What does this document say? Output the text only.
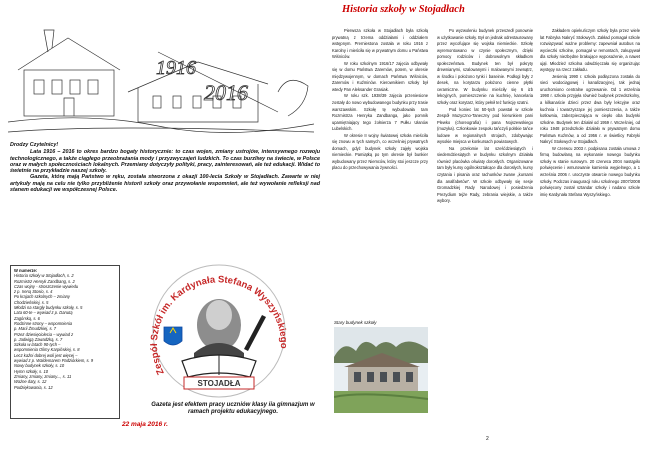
1916
2016

Drodzy Czytelnicy!

Lata 1916 – 2016 to okres bardzo bogaty historycznie: to czas wojen, zmiany ustrojów, intensywnego rozwoju technologicznego, a także ciągłego przeobrażania mody i przyzwyczajeń ludzkich. To czas burzliwy na świecie, w Polsce oraz w małych społecznościach lokalnych. Przemiany dotyczyły polityki, pracy, zainteresowań, ale też edukacji. Widać to świetnie na przykładzie naszej szkoły.

Gazeta, którą mają Państwo w ręku, została stworzona z okazji 100-lecia Szkoły w Stojadłach. Zawarte w niej artykuły mają na celu nie tylko przybliżenie historii szkoły oraz przywołanie wspomnień, ale też wywołanie refleksji nad stanem edukacji we współczesnej Polsce.

W numerze:
Historia szkoły w Stojadłach, s. 2
Rozmistrz Henryk Zandbang, s. 2
Czas wojny - stroszczenie wywiedu
z p. Ireną Stosio, s. 4
Po krajach szkolnych – zmiany
Chodzieńskiej, s. 5
Młodzi na stargły budynku szkoły, s. 5
Lata 60-te – wywiad z p. Danutą
Zagórską, s. 6
Rodzinne strony – wspomnienia
p. Marii Żmudzkiej, s. 7
Przez dziesięciolecia – wywiad z
p. Jadwigą Zawadzką, s. 7
Szkoła w latach 90-tych –
wspomnienia Olimy Karpińskiej, s. 8
Lecz kaźni dobrej woli jest więcej –
wywiad z p. Waldemarem Padziórkiem, s. 9
Nowy budynek szkoły, s. 10
Hymn szkoły, s. 10
Zmiany, zmiany, zmiany..., s. 11
Ważne daty, s. 12
Podziękowania, s. 12
Zespół Szkół im. Kardynała Stefana Wyszyńskiego
STOJADŁA
Gazeta jest efektem pracy uczniów klasy iia gimnazjum w ramach projektu edukacyjnego.
22 maja 2016 r.
Historia szkoły w Stojadłach

Pierwsza szkoła w Stojadłach była szkołą prywatną z trzema oddziałami i oddziałem wstępnym. Prerniestona została w roku 1916 z Karolny i mieściła się w prywatnym domu u Państwa Wiśniców.

W roku szkolnym 1916/17 zajęcia odbywały się w domu Państwa Zaremów, potem, w okresie międzywojennym, w domach Państwa Wiśniców, Zaremów i Kuźminów. Kierownikiem szkoły był wtedy Pan Aleksander Grasiak.

W roku szk. 1938/39 zajęcia przeniesione zostały do nowo wybudowanego budynku przy trasie warszawskim. Szkołę tę wybudowała tam Rozmistrza Henryka Zandbanga, jako pomnik upamiętniający tego żołnierza 7 Pułku Ułanów Lubelskich.

W okresie II wojny światowej szkoła mieściła się znowu w tych samych, co wcześniej prywatnych domach, gdyż budynek szkoły zajęły wojska niemieckie. Pamiątką po tym okresie był bunkier wybudowany przez Niemców, który stoi jeszcze przy placu do przechowywania żywności.

Stary budynek szkoły

Po wyzwoleniu budynek przeszedł ponownie w użytkowanie szkoły. Był on jednak odrestaurowany przez wycofujące się wojska niemieckie. Szkołę wyremontowano w czynie społecznym, dzięki pomocy rodziców i dobrowolnym składkom społeczeństwa. Budynek ten był pokryty drewnianymi, szalowanymi i malowanymi zewnątrz, w środku i położono tynki i baseinie. Podłogi były z desek, na korytarzu położono cienne płytki ceramiczne. W budynku mieściły się 6 izb lekcyjnych, pomieszczenie na kuchnię, kancelaria szkoły oraz korytarz, który pełnił też funkcję szatni.

Pod koniec lat 50-tych powstał w szkole Zespół Muzyczno-Taneczny pod kierunkiem pani Plewko (choreografia) i pana Nojszewskiego (muzyka). Członkowie zespołu tańczyli polskie tańce ludowe w regionalnych strojach, zdobywając wysokie miejsca w konkursach powiatowych.

Na przełomie lat sześćdziesiątych i siedemdziesiątych w budynku szkolnym działała również placówka oświaty dorosłych. Organizowane tam były kursy ogólnokształcące dla dorosłych, kursy czytania i pisania oraz rachunków zwane „kursami dla analfabetów”. W szkole odbywały się sesje Gromadzkiej Rady Narodowej i posiedzenia Prezydium tejże Rady, zebrania wiejskie, a także wybory.

Zakładem opiekuńczym szkoły była przez wiele lat Fabryka Nakryć Stołowych. Zakład pomagał szkole rozwiązywać ważne problemy: zapewniał autobus na wycieczki szkolne, pomagał w remontach, zakupywał dla szkoły niezbędne brakujące wyposażenie, a nawet ujął. Młodzież szkolna odwdzięczała się organizując występy na rzecz zakładu.

Jesienią 1990 r. szkoła podłączona została do sieci wodociągowej i kanalizacyjnej, tak jednaj uruchomiono centralne ogrzewanie. Od 1 września 1990 r. szkoła przyjęła również budynek przedszkolny, a kilkanaście dzieci przez dwa były lekcyjne oraz kuchnia i towarzyszące jej pomieszczenia, a także kotłownia, zabezpieczająca w ciepło oba budynki szkolne. Budynek ten działał od 1959 r. Wcześniej, od roku 1948 przedszkole działało w prywatnym domu Państwa Kuźmów, a od 1956 r. w świetlicy Fabryki Nakryć Stołowych w Stojadłach.

W czerwcu 2003 r. podpisana została umowa z firmą budowlaną na wykonanie nowego budynku szkoły w stanie surowym. 20 czerwca 2004 nastąpiło poświęcenie i wmurowanie kamienia węgielnego, a 1 września 2006 r. uroczyste otwarcie nowego budynku szkoły. Podczas inauguracji roku szkolnego 2007/2008 poświęcony został sztandar szkoły i nadano szkole imię Kardynała Stefana Wyszyńskiego.

2
